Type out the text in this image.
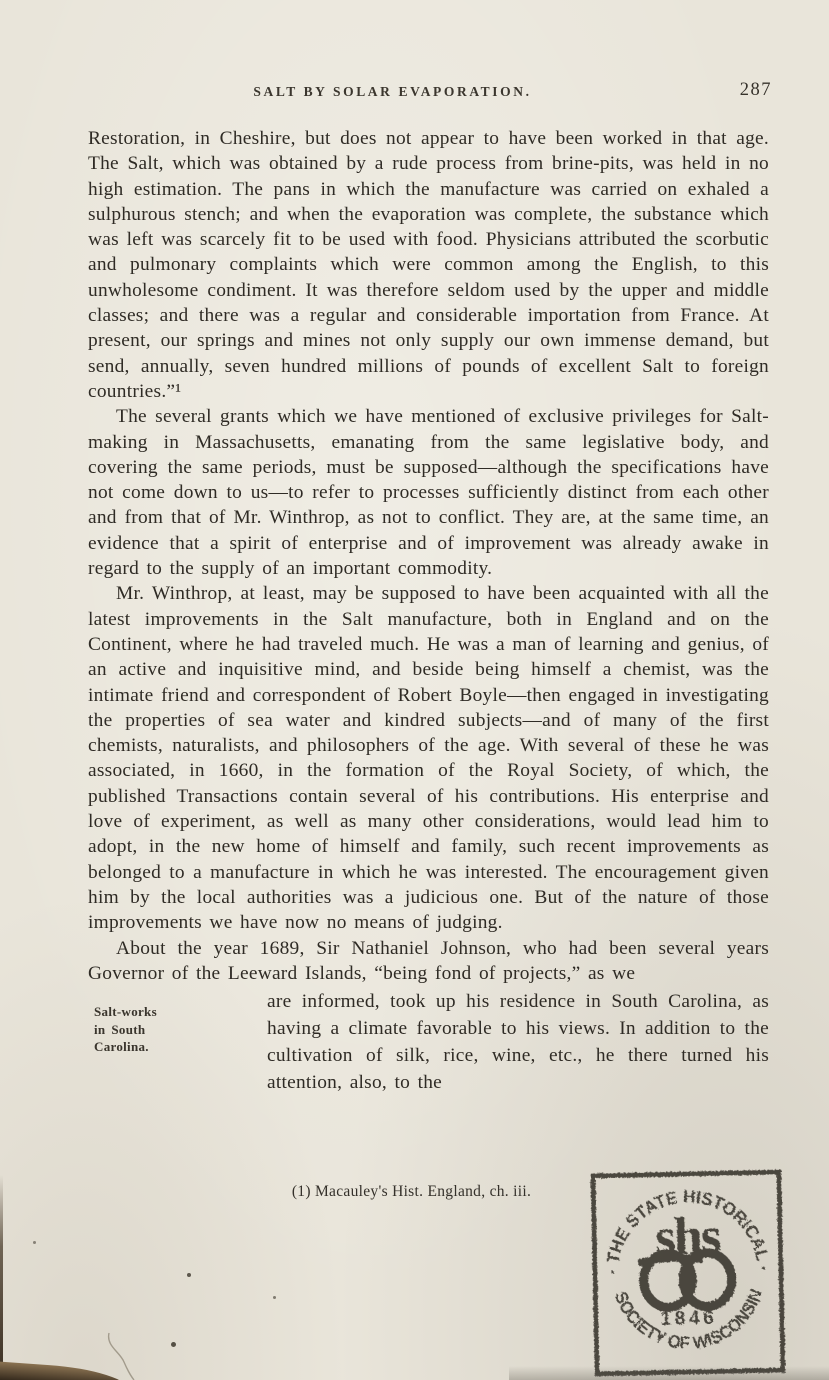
SALT BY SOLAR EVAPORATION.	287

Restoration, in Cheshire, but does not appear to have been worked in that age. The Salt, which was obtained by a rude process from brine-pits, was held in no high estimation. The pans in which the manufacture was carried on exhaled a sulphurous stench; and when the evaporation was complete, the substance which was left was scarcely fit to be used with food. Physicians attributed the scorbutic and pulmonary complaints which were common among the English, to this unwholesome condiment. It was therefore seldom used by the upper and middle classes; and there was a regular and considerable importation from France. At present, our springs and mines not only supply our own immense demand, but send, annually, seven hundred millions of pounds of excellent Salt to foreign countries.”¹

The several grants which we have mentioned of exclusive privileges for Salt-making in Massachusetts, emanating from the same legislative body, and covering the same periods, must be supposed—although the specifications have not come down to us—to refer to processes sufficiently distinct from each other and from that of Mr. Winthrop, as not to conflict. They are, at the same time, an evidence that a spirit of enterprise and of improvement was already awake in regard to the supply of an important commodity.

Mr. Winthrop, at least, may be supposed to have been acquainted with all the latest improvements in the Salt manufacture, both in England and on the Continent, where he had traveled much. He was a man of learning and genius, of an active and inquisitive mind, and beside being himself a chemist, was the intimate friend and correspondent of Robert Boyle—then engaged in investigating the properties of sea water and kindred subjects—and of many of the first chemists, naturalists, and philosophers of the age. With several of these he was associated, in 1660, in the formation of the Royal Society, of which, the published Transactions contain several of his contributions. His enterprise and love of experiment, as well as many other considerations, would lead him to adopt, in the new home of himself and family, such recent improvements as belonged to a manufacture in which he was interested. The encouragement given him by the local authorities was a judicious one. But of the nature of those improvements we have now no means of judging.

About the year 1689, Sir Nathaniel Johnson, who had been several years Governor of the Leeward Islands, “being fond of projects,” as we

Salt-works
in South
Carolina.

are informed, took up his residence in South Carolina, as having a climate favorable to his views. In addition to the cultivation of silk, rice, wine, etc., he there turned his attention, also, to the

(1) Macauley's Hist. England, ch. iii.
· THE STATE HISTORICAL ·
SOCIETY OF WISCONSIN
shs
1846
